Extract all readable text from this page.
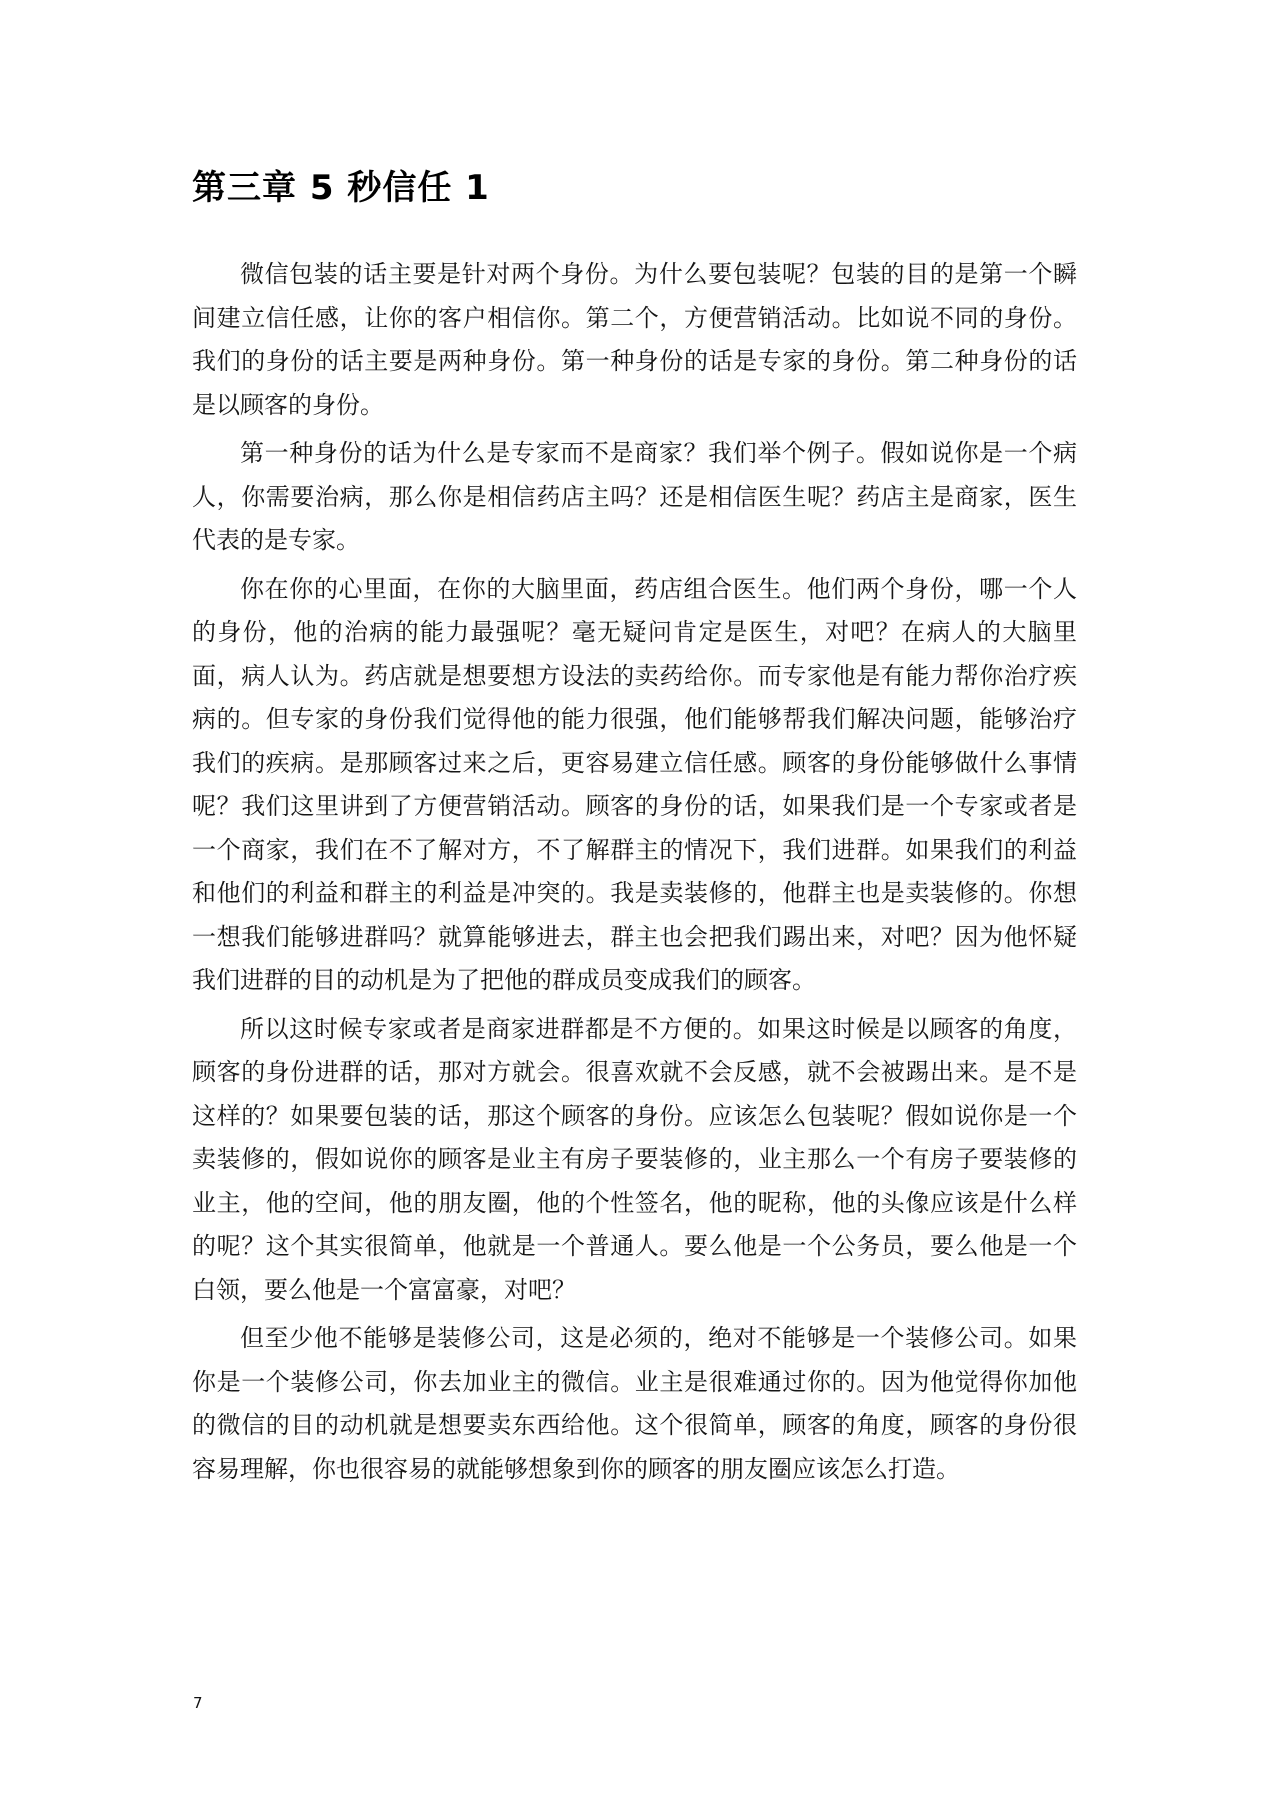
第三章 5 秒信任 1

微信包装的话主要是针对两个身份。为什么要包装呢？包装的目的是第一个瞬间建立信任感，让你的客户相信你。第二个，方便营销活动。比如说不同的身份。我们的身份的话主要是两种身份。第一种身份的话是专家的身份。第二种身份的话是以顾客的身份。

第一种身份的话为什么是专家而不是商家？我们举个例子。假如说你是一个病人，你需要治病，那么你是相信药店主吗？还是相信医生呢？药店主是商家，医生代表的是专家。

你在你的心里面，在你的大脑里面，药店组合医生。他们两个身份，哪一个人的身份，他的治病的能力最强呢？毫无疑问肯定是医生，对吧？在病人的大脑里面，病人认为。药店就是想要想方设法的卖药给你。而专家他是有能力帮你治疗疾病的。但专家的身份我们觉得他的能力很强，他们能够帮我们解决问题，能够治疗我们的疾病。是那顾客过来之后，更容易建立信任感。顾客的身份能够做什么事情呢？我们这里讲到了方便营销活动。顾客的身份的话，如果我们是一个专家或者是一个商家，我们在不了解对方，不了解群主的情况下，我们进群。如果我们的利益和他们的利益和群主的利益是冲突的。我是卖装修的，他群主也是卖装修的。你想一想我们能够进群吗？就算能够进去，群主也会把我们踢出来，对吧？因为他怀疑我们进群的目的动机是为了把他的群成员变成我们的顾客。

所以这时候专家或者是商家进群都是不方便的。如果这时候是以顾客的角度，顾客的身份进群的话，那对方就会。很喜欢就不会反感，就不会被踢出来。是不是这样的？如果要包装的话，那这个顾客的身份。应该怎么包装呢？假如说你是一个卖装修的，假如说你的顾客是业主有房子要装修的，业主那么一个有房子要装修的业主，他的空间，他的朋友圈，他的个性签名，他的昵称，他的头像应该是什么样的呢？这个其实很简单，他就是一个普通人。要么他是一个公务员，要么他是一个白领，要么他是一个富富豪，对吧？

但至少他不能够是装修公司，这是必须的，绝对不能够是一个装修公司。如果你是一个装修公司，你去加业主的微信。业主是很难通过你的。因为他觉得你加他的微信的目的动机就是想要卖东西给他。这个很简单，顾客的角度，顾客的身份很容易理解，你也很容易的就能够想象到你的顾客的朋友圈应该怎么打造。

7
